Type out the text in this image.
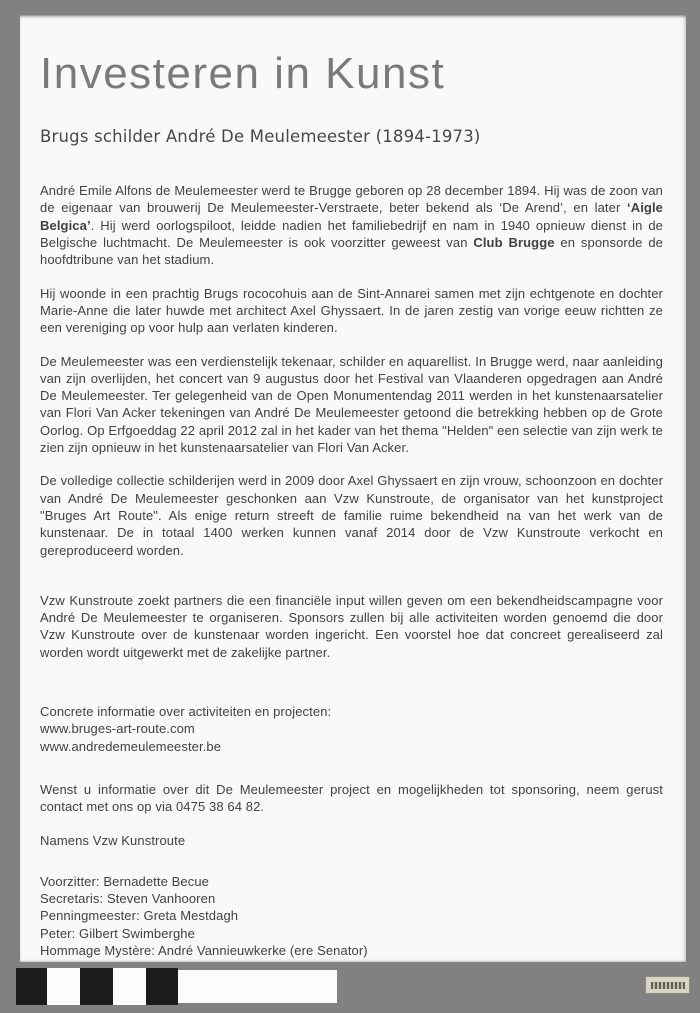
Investeren in Kunst
Brugs schilder André De Meulemeester (1894-1973)

André Emile Alfons de Meulemeester werd te Brugge geboren op 28 december 1894. Hij was de zoon van de eigenaar van brouwerij De Meulemeester-Verstraete, beter bekend als ‘De Arend’, en later ‘Aigle Belgica’. Hij werd oorlogspiloot, leidde nadien het familiebedrijf en nam in 1940 opnieuw dienst in de Belgische luchtmacht. De Meulemeester is ook voorzitter geweest van Club Brugge en sponsorde de hoofdtribune van het stadium.

Hij woonde in een prachtig Brugs rococohuis aan de Sint-Annarei samen met zijn echtgenote en dochter Marie-Anne die later huwde met architect Axel Ghyssaert. In de jaren zestig van vorige eeuw richtten ze een vereniging op voor hulp aan verlaten kinderen.

De Meulemeester was een verdienstelijk tekenaar, schilder en aquarellist. In Brugge werd, naar aanleiding van zijn overlijden, het concert van 9 augustus door het Festival van Vlaanderen opgedragen aan André De Meulemeester. Ter gelegenheid van de Open Monumentendag 2011 werden in het kunstenaarsatelier van Flori Van Acker tekeningen van André De Meulemeester getoond die betrekking hebben op de Grote Oorlog. Op Erfgoeddag 22 april 2012 zal in het kader van het thema "Helden" een selectie van zijn werk te zien zijn opnieuw in het kunstenaarsatelier van Flori Van Acker.

De volledige collectie schilderijen werd in 2009 door Axel Ghyssaert en zijn vrouw, schoonzoon en dochter van André De Meulemeester geschonken aan Vzw Kunstroute, de organisator van het kunstproject "Bruges Art Route". Als enige return streeft de familie ruime bekendheid na van het werk van de kunstenaar. De in totaal 1400 werken kunnen vanaf 2014 door de Vzw Kunstroute verkocht en gereproduceerd worden.

Vzw Kunstroute zoekt partners die een financiële input willen geven om een bekendheidscampagne voor André De Meulemeester te organiseren. Sponsors zullen bij alle activiteiten worden genoemd die door Vzw Kunstroute over de kunstenaar worden ingericht. Een voorstel hoe dat concreet gerealiseerd zal worden wordt uitgewerkt met de zakelijke partner.

Concrete informatie over activiteiten en projecten:

www.bruges-art-route.com

www.andredemeulemeester.be

Wenst u informatie over dit De Meulemeester project en mogelijkheden tot sponsoring, neem gerust contact met ons op via 0475 38 64 82.

Namens Vzw Kunstroute

Voorzitter: Bernadette Becue

Secretaris: Steven Vanhooren

Penningmeester: Greta Mestdagh

Peter: Gilbert Swimberghe

Hommage Mystère: André Vannieuwkerke (ere Senator)
